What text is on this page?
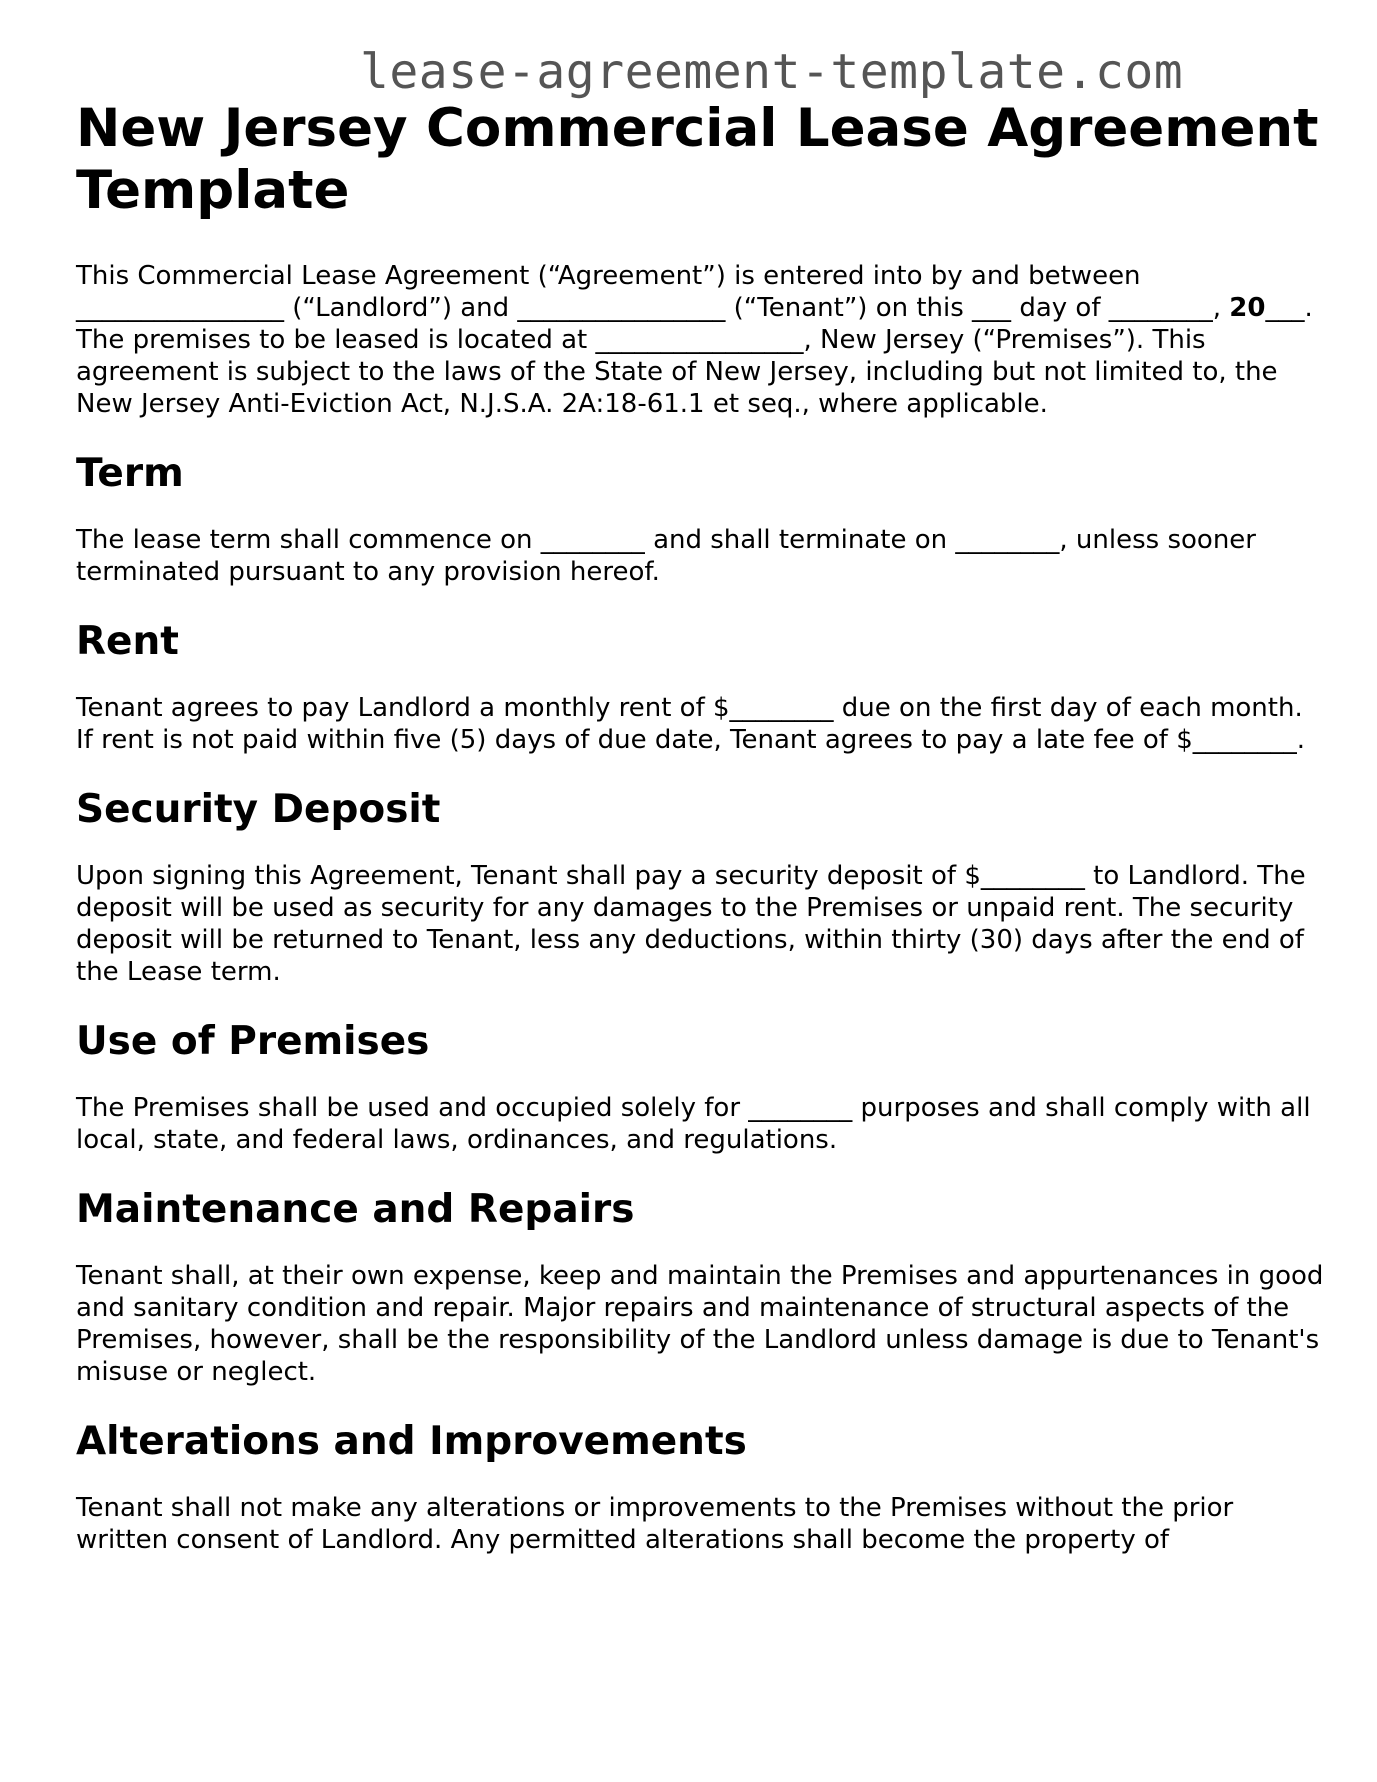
lease-agreement-template.com
New Jersey Commercial Lease Agreement Template

This Commercial Lease Agreement (“Agreement”) is entered into by and between ________________ (“Landlord”) and ________________ (“Tenant”) on this ___ day of ________, 20___. The premises to be leased is located at ________________, New Jersey (“Premises”). This agreement is subject to the laws of the State of New Jersey, including but not limited to, the New Jersey Anti-Eviction Act, N.J.S.A. 2A:18-61.1 et seq., where applicable.

Term

The lease term shall commence on ________ and shall terminate on ________, unless sooner terminated pursuant to any provision hereof.

Rent

Tenant agrees to pay Landlord a monthly rent of $________ due on the first day of each month. If rent is not paid within five (5) days of due date, Tenant agrees to pay a late fee of $________.

Security Deposit

Upon signing this Agreement, Tenant shall pay a security deposit of $________ to Landlord. The deposit will be used as security for any damages to the Premises or unpaid rent. The security deposit will be returned to Tenant, less any deductions, within thirty (30) days after the end of the Lease term.

Use of Premises

The Premises shall be used and occupied solely for ________ purposes and shall comply with all local, state, and federal laws, ordinances, and regulations.

Maintenance and Repairs

Tenant shall, at their own expense, keep and maintain the Premises and appurtenances in good and sanitary condition and repair. Major repairs and maintenance of structural aspects of the Premises, however, shall be the responsibility of the Landlord unless damage is due to Tenant's misuse or neglect.

Alterations and Improvements

Tenant shall not make any alterations or improvements to the Premises without the prior written consent of Landlord. Any permitted alterations shall become the property of
